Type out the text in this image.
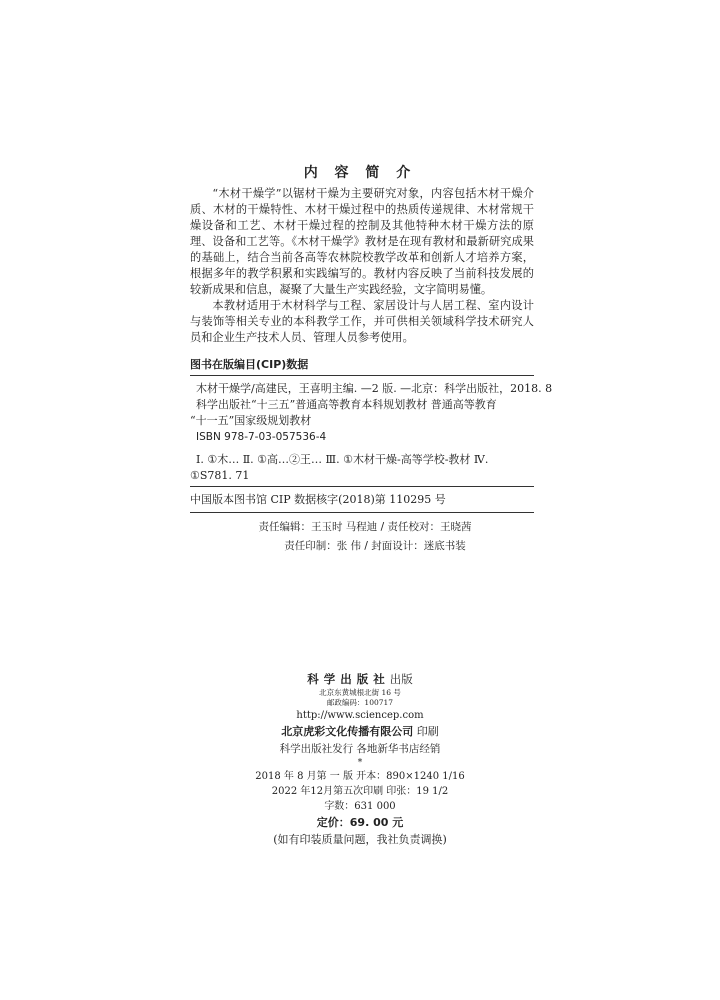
内 容 简 介

“木材干燥学”以锯材干燥为主要研究对象，内容包括木材干燥介质、木材的干燥特性、木材干燥过程中的热质传递规律、木材常规干燥设备和工艺、木材干燥过程的控制及其他特种木材干燥方法的原理、设备和工艺等。《木材干燥学》教材是在现有教材和最新研究成果的基础上，结合当前各高等农林院校教学改革和创新人才培养方案，根据多年的教学积累和实践编写的。教材内容反映了当前科技发展的较新成果和信息，凝聚了大量生产实践经验，文字简明易懂。

本教材适用于木材科学与工程、家居设计与人居工程、室内设计与装饰等相关专业的本科教学工作，并可供相关领域科学技术研究人员和企业生产技术人员、管理人员参考使用。

图书在版编目(CIP)数据
木材干燥学/高建民，王喜明主编. —2 版. —北京：科学出版社，2018. 8
科学出版社“十三五”普通高等教育本科规划教材 普通高等教育
“十一五”国家级规划教材
ISBN 978-7-03-057536-4
Ⅰ. ①木… Ⅱ. ①高…②王… Ⅲ. ①木材干燥-高等学校-教材 Ⅳ.
①S781. 71
中国版本图书馆 CIP 数据核字(2018)第 110295 号
责任编辑：王玉时 马程迪 / 责任校对：王晓茜
责任印制：张 伟 / 封面设计：迷底书装
科学出版社出版
北京东黄城根北街 16 号
邮政编码：100717
http://www.sciencep.com
北京虎彩文化传播有限公司 印刷
科学出版社发行 各地新华书店经销
*
2018 年 8 月第 一 版 开本：890×1240 1/16
2022 年12月第五次印刷 印张：19 1/2
字数：631 000
定价：69. 00 元
(如有印装质量问题，我社负责调换)
